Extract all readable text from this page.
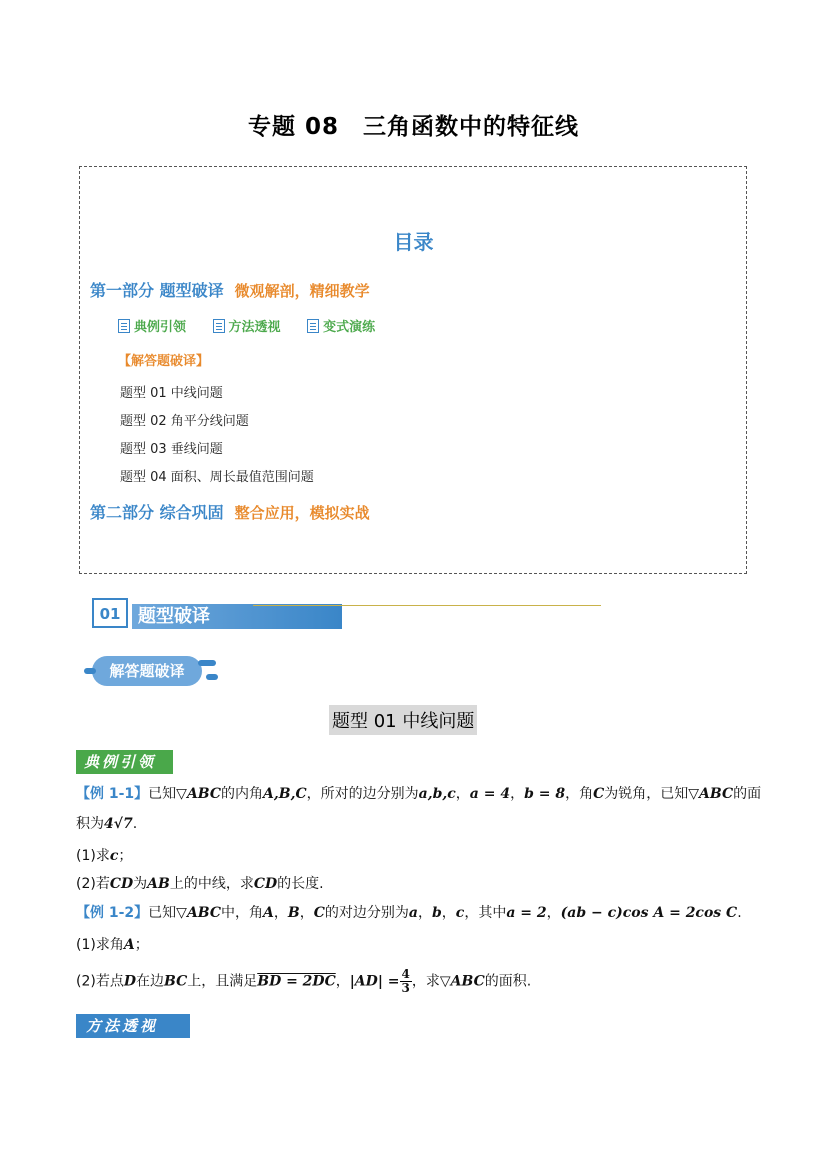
专题 08　三角函数中的特征线
目录
第一部分 题型破译 微观解剖，精细教学
典例引领
	方法透视
	变式演练
【解答题破译】
题型 01 中线问题
题型 02 角平分线问题
题型 03 垂线问题
题型 04 面积、周长最值范围问题
第二部分 综合巩固 整合应用，模拟实战
01 题型破译
解答题破译
题型 01 中线问题
典例引领
【例 1-1】已知▽ABC的内角A,B,C，所对的边分别为a,b,c，a = 4，b = 8，角C为锐角，已知▽ABC的面
积为4√7.
(1)求c；
(2)若CD为AB上的中线，求CD的长度.
【例 1-2】已知▽ABC中，角A，B，C的对边分别为a，b，c，其中a = 2，(ab − c)cos A = 2cos C.
(1)求角A；
(2)若点D在边BC上，且满足BD = 2DC，$|AD| = \frac{4}{3}$ ，求▽ABC的面积.
方法透视
